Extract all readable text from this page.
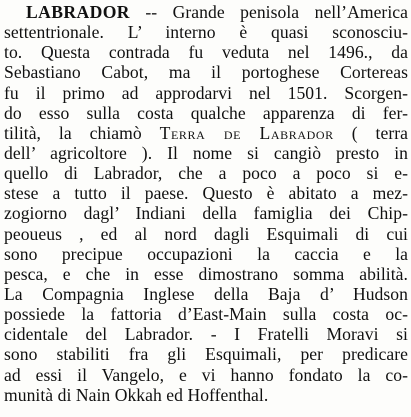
LABRADOR -- Grande penisola nell’America
settentrionale. L’ interno è quasi sconosciu-
to. Questa contrada fu veduta nel 1496., da
Sebastiano Cabot, ma il portoghese Cortereas
fu il primo ad approdarvi nel 1501. Scorgen-
do esso sulla costa qualche apparenza di fer-
tilità, la chiamò Terra de Labrador ( terra
dell’ agricoltore ). Il nome si cangiò presto in
quello di Labrador, che a poco a poco si e-
stese a tutto il paese. Questo è abitato a mez-
zogiorno dagl’ Indiani della famiglia dei Chip-
peoueus , ed al nord dagli Esquimali di cui
sono precipue occupazioni la caccia e la
pesca, e che in esse dimostrano somma abilità.
La Compagnia Inglese della Baja d’ Hudson
possiede la fattoria d’East-Main sulla costa oc-
cidentale del Labrador. - I Fratelli Moravi si
sono stabiliti fra gli Esquimali, per predicare
ad essi il Vangelo, e vi hanno fondato la co-
munità di Nain Okkah ed Hoffenthal.
